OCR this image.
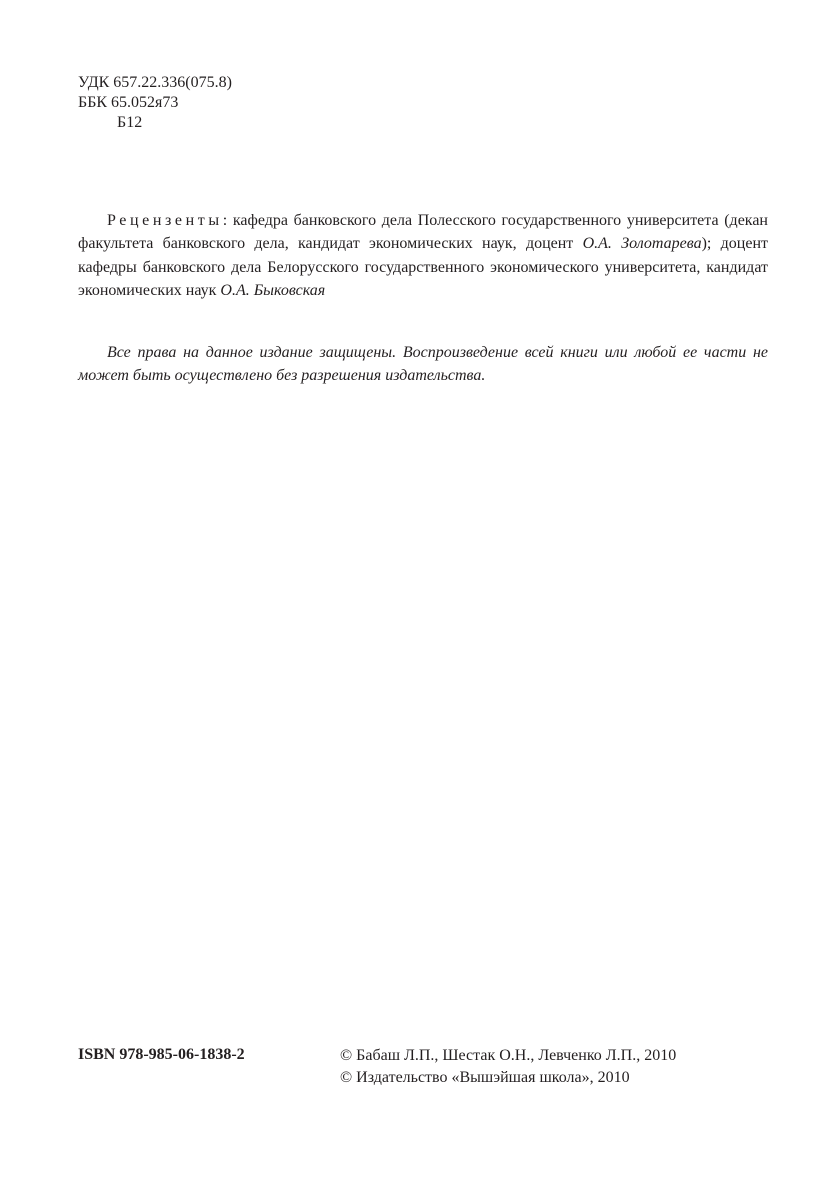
УДК 657.22.336(075.8)
ББК 65.052я73
Б12

Рецензенты: кафедра банковского дела Полесского государственного университета (декан факультета банковского дела, кандидат экономических наук, доцент О.А. Золотарева); доцент кафедры банковского дела Белорусского государственного экономического университета, кандидат экономических наук О.А. Быковская

Все права на данное издание защищены. Воспроизведение всей книги или любой ее части не может быть осуществлено без разрешения издательства.

ISBN 978-985-06-1838-2	© Бабаш Л.П., Шестак О.Н., Левченко Л.П., 2010
© Издательство «Вышэйшая школа», 2010
